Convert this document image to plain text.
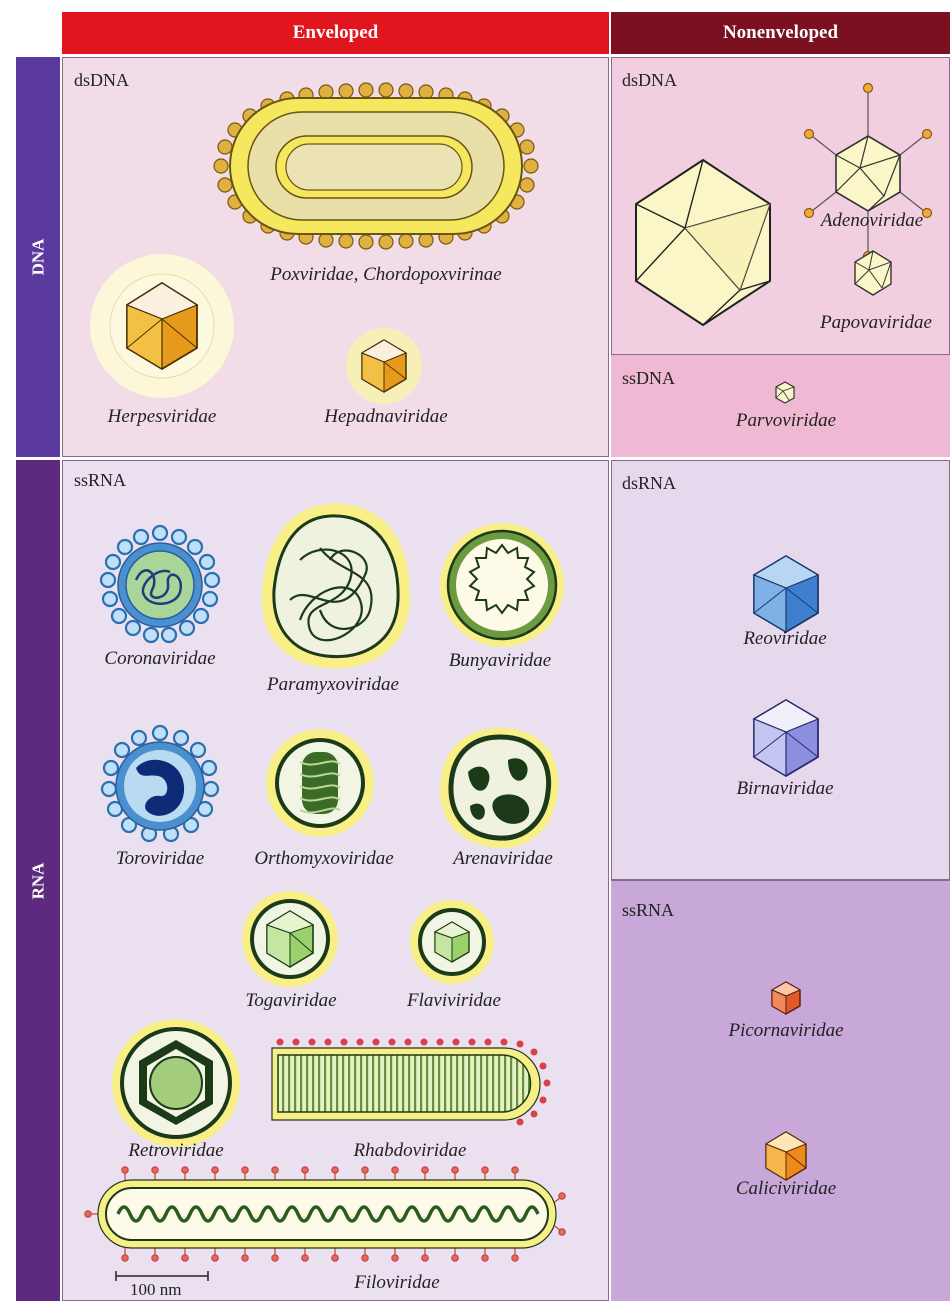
Enveloped	Nonenveloped
DNA
RNA
dsDNA	dsDNA
ssDNA
ssRNA	dsRNA
ssRNA
Poxviridae, Chordopoxvirinae
Herpesviridae	Hepadnaviridae
Adenoviridae
Papovaviridae
Parvoviridae
Coronaviridae
Paramyxoviridae
Bunyaviridae
Toroviridae	Orthomyxoviridae	Arenaviridae
Togaviridae	Flaviviridae
Retroviridae	Rhabdoviridae
Filoviridae
Reoviridae
Birnaviridae
Picornaviridae
Caliciviridae
100 nm
